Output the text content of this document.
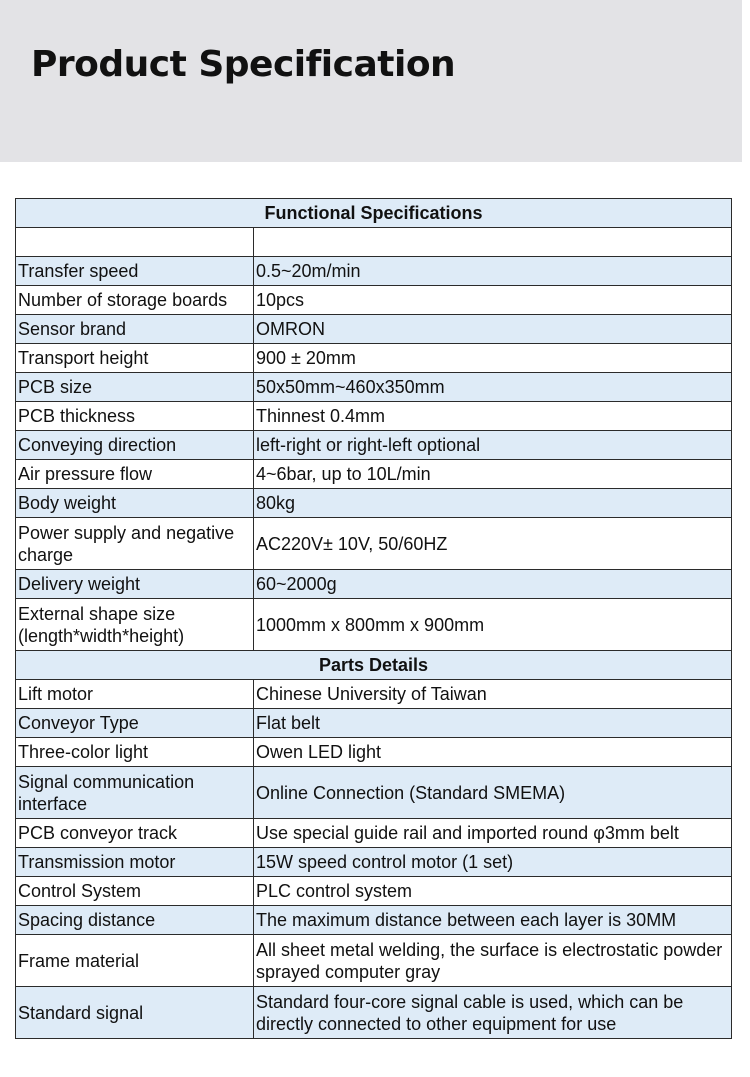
Product Specification
Functional Specifications	

Transfer speed	0.5~20m/min
Number of storage boards	10pcs
Sensor brand	OMRON
Transport height	900 ± 20mm
PCB size	50x50mm~460x350mm
PCB thickness	Thinnest 0.4mm
Conveying direction	left-right or right-left optional
Air pressure flow	4~6bar, up to 10L/min
Body weight	80kg
Power supply and negative charge	AC220V± 10V, 50/60HZ
Delivery weight	60~2000g
External shape size (length*width*height)	1000mm x 800mm x 900mm
Parts Details	
Lift motor	Chinese University of Taiwan
Conveyor Type	Flat belt
Three-color light	Owen LED light
Signal communication interface	Online Connection (Standard SMEMA)
PCB conveyor track	Use special guide rail and imported round φ3mm belt
Transmission motor	15W speed control motor (1 set)
Control System	PLC control system
Spacing distance	The maximum distance between each layer is 30MM
Frame material	All sheet metal welding, the surface is electrostatic powder sprayed computer gray
Standard signal	Standard four-core signal cable is used, which can be directly connected to other equipment for use
